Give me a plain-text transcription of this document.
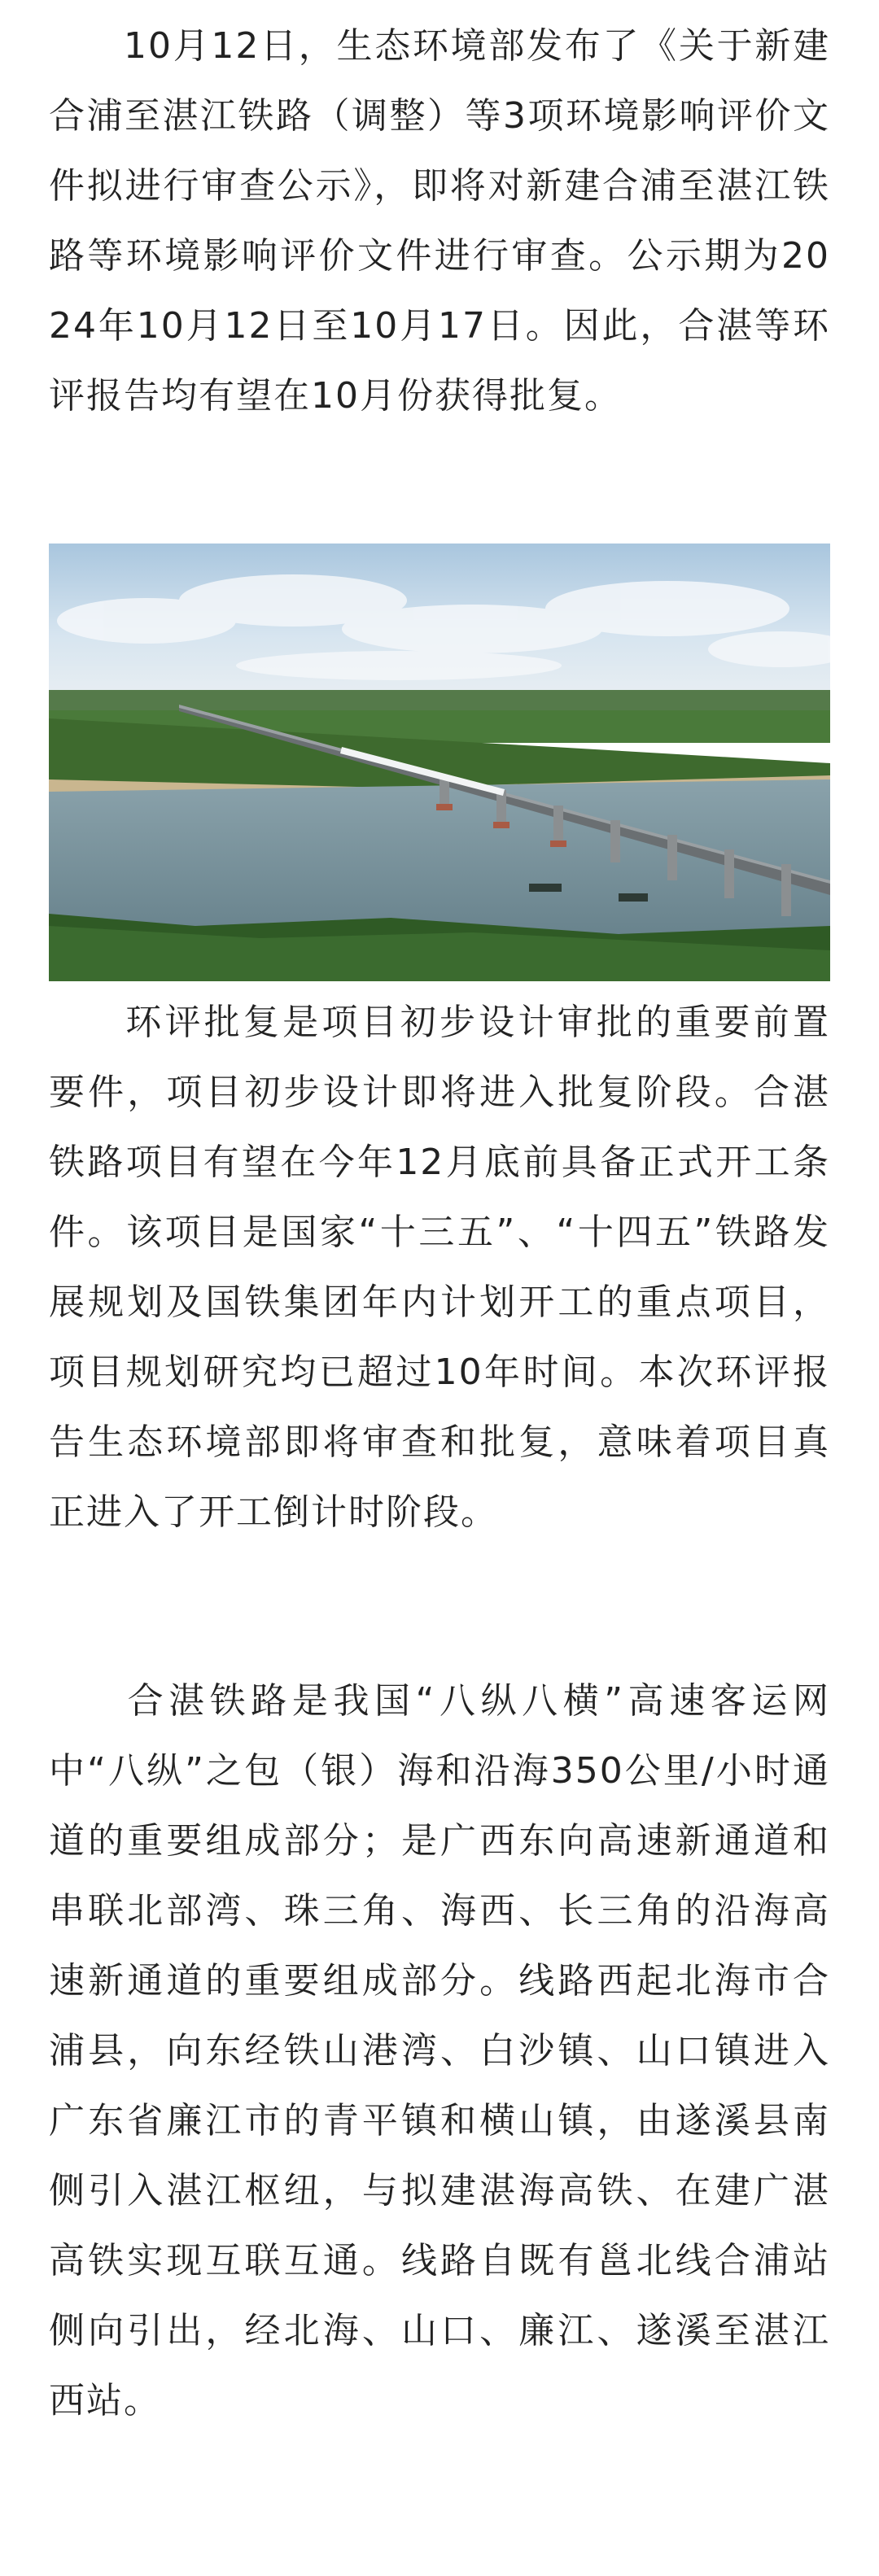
10月12日，生态环境部发布了《关于新建合浦至湛江铁路（调整）等3项环境影响评价文件拟进行审查公示》，即将对新建合浦至湛江铁路等环境影响评价文件进行审查。公示期为2024年10月12日至10月17日。因此，合湛等环评报告均有望在10月份获得批复。

环评批复是项目初步设计审批的重要前置要件，项目初步设计即将进入批复阶段。合湛铁路项目有望在今年12月底前具备正式开工条件。该项目是国家“十三五”、“十四五”铁路发展规划及国铁集团年内计划开工的重点项目，项目规划研究均已超过10年时间。本次环评报告生态环境部即将审查和批复，意味着项目真正进入了开工倒计时阶段。

合湛铁路是我国“八纵八横”高速客运网中“八纵”之包（银）海和沿海350公里/小时通道的重要组成部分；是广西东向高速新通道和串联北部湾、珠三角、海西、长三角的沿海高速新通道的重要组成部分。线路西起北海市合浦县，向东经铁山港湾、白沙镇、山口镇进入广东省廉江市的青平镇和横山镇，由遂溪县南侧引入湛江枢纽，与拟建湛海高铁、在建广湛高铁实现互联互通。线路自既有邕北线合浦站侧向引出，经北海、山口、廉江、遂溪至湛江西站。
